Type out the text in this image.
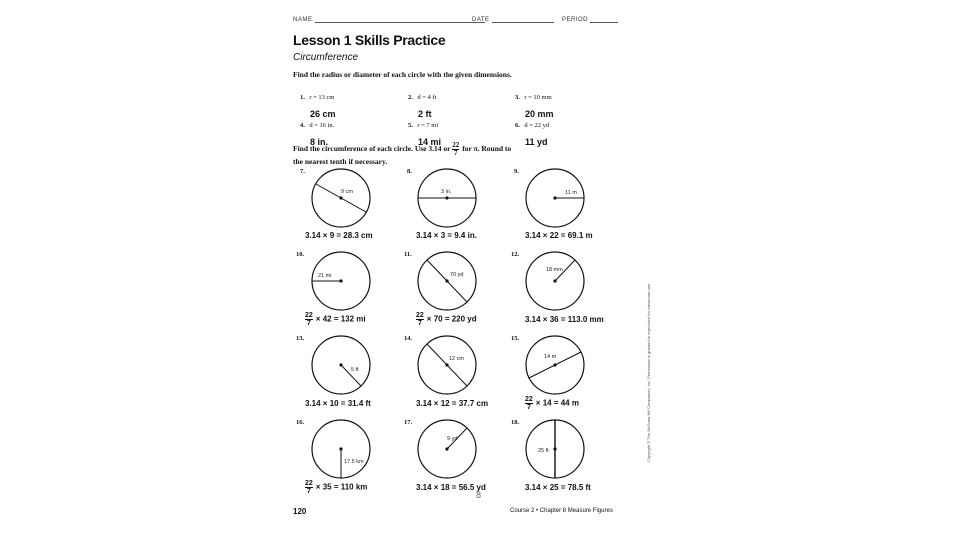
NAME	DATE	PERIOD
Lesson 1 Skills Practice
Circumference
Find the radius or diameter of each circle with the given dimensions.
1. r = 13 cm
26 cm
2. d = 4 ft
2 ft
3. r = 10 mm
20 mm
4. d = 16 in.
8 in.
5. r = 7 mi
14 mi
6. d = 22 yd
11 yd
Find the circumference of each circle. Use 3.14 or $\frac{22}{7}$ for π. Round to
the nearest tenth if necessary.
7.	8.	9.
10.	11.	12.
13.	14.	15.
16.	17.	18.
9 cm	3 in.	11 m
21 mi	70 yd
18 mm
5 ft
12 cm	14 m
17.5 km
9 yd
25 ft
3.14 × 9 = 28.3 cm	3.14 × 3 = 9.4 in.	3.14 × 22 = 69.1 m
$\frac{22}{7} \times 42 = 132$ mi	$\frac{22}{7} \times 70 = 220$ yd	3.14 × 36 = 113.0 mm
3.14 × 10 = 31.4 ft	3.14 × 12 = 37.7 cm	$\frac{22}{7} \times 14 = 44$ m
$\frac{22}{7} \times 35 = 110$ km	3.14 × 18 = 56.5 yd	3.14 × 25 = 78.5 ft
8
120	Course 2 • Chapter 8 Measure Figures
Copyright © The McGraw-Hill Companies, Inc. Permission is granted to reproduce for classroom use.
